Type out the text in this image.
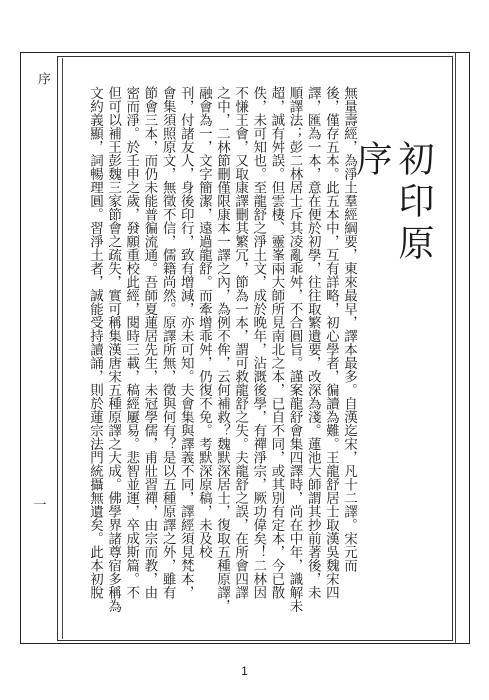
序
一
初印原序
無量壽經，為淨土羣經綱要，東來最早，譯本最多。自漢迄宋，凡十二譯。宋元而
後，僅存五本。此五本中，互有詳略，初心學者，徧讀為難。王龍舒居士取漢吳魏宋四
譯，匯為一本，意在便於初學，往往取繁遺要，改深為淺。蓮池大師謂其抄前著後，未
順譯法；彭二林居士斥其凌亂乖舛，不合圓旨。謹案龍舒會集四譯時，尚在中年，識解未
超，誠有舛誤。但雲棲、靈峯兩大師所見南北之本，已自不同，或其別有定本，今已散
佚，未可知也。至龍舒之淨土文，成於晚年，沾溉後學，有禪淨宗，厥功偉矣！二林因
不慊王會，又取康譯刪其繁冗，節為一本，謂可救龍舒之失。夫龍舒之誤，在所會四譯
之中，二林節刪僅限康本一譯之內，為例不侔，云何補救？魏默深居士，復取五種原譯，
融會為一，文字簡潔，遠過龍舒。而牽增乖舛，仍復不免。考默深原稿，未及校
刊，付諸友人，身後印行，致有增減，亦未可知。夫會集與譯義不同，譯經須見梵本，
會集須照原文，無徵不信，儒籍尚然。原譯所無，徵與何有？是以五種原譯之外，雖有
節會三本，而仍未能普徧流通。吾師夏蓮居先生，未冠學儒，甫壯習禪，由宗而教，由
密而淨。於壬申之歲，發願重校此經，閱時三載，稿經屢易。悲智並運，卒成斯篇。不
但可以補王彭魏三家節會之疏失，實可稱集漢唐宋五種原譯之大成。佛學界諸尊宿多稱為
文約義顯，詞暢理圓。習淨土者，誠能受持讀誦，則於蓮宗法門統攝無遺矣。此本初脫
1
